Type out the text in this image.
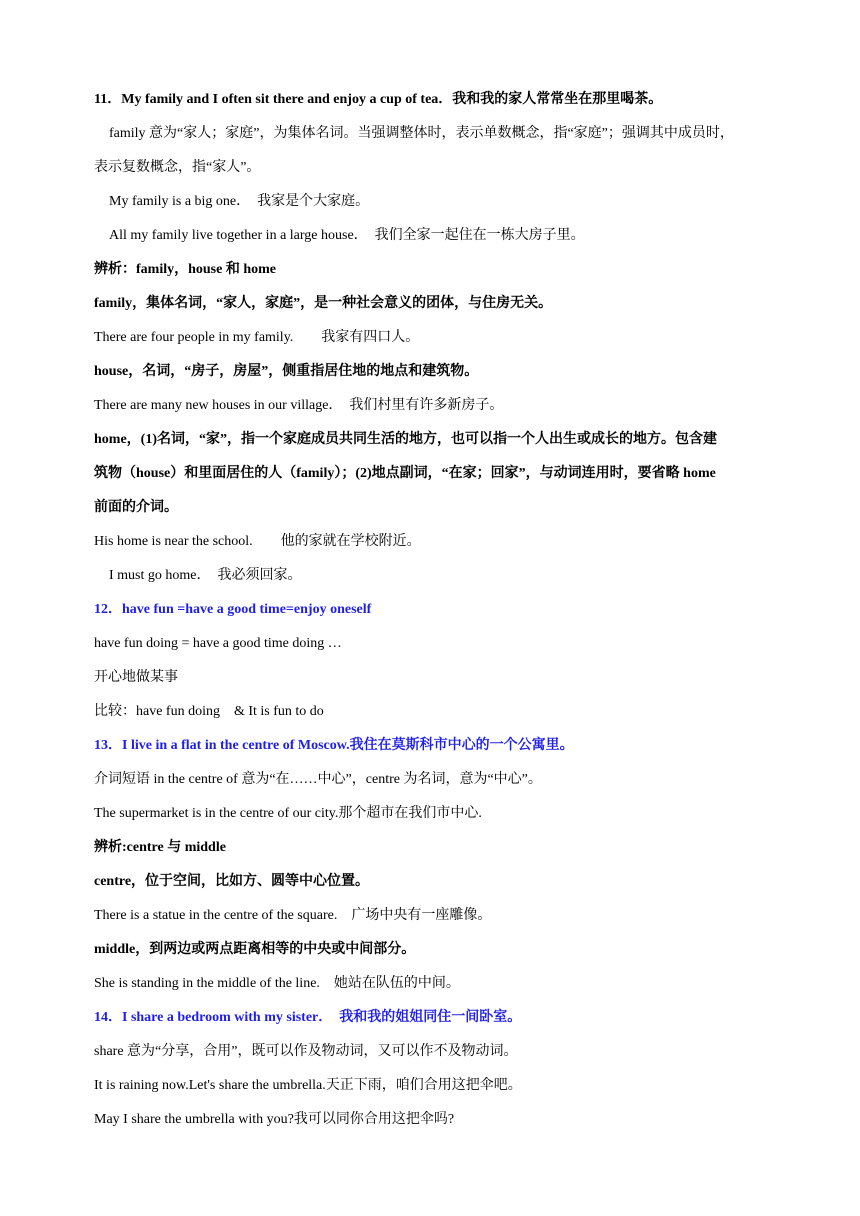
11．My family and I often sit there and enjoy a cup of tea．我和我的家人常常坐在那里喝茶。
family 意为“家人；家庭”，为集体名词。当强调整体时，表示单数概念，指“家庭”；强调其中成员时，
表示复数概念，指“家人”。
My family is a big one．　我家是个大家庭。
All my family live together in a large house．　我们全家一起住在一栋大房子里。
辨析：family，house 和 home
family，集体名词，“家人，家庭”，是一种社会意义的团体，与住房无关。
There are four people in my family.　　我家有四口人。
house，名词，“房子，房屋”，侧重指居住地的地点和建筑物。
There are many new houses in our village．　我们村里有许多新房子。
home，(1)名词，“家”，指一个家庭成员共同生活的地方，也可以指一个人出生或成长的地方。包含建
筑物（house）和里面居住的人（family）；(2)地点副词，“在家；回家”，与动词连用时，要省略 home
前面的介词。
His home is near the school.　　他的家就在学校附近。
I must go home．　我必须回家。
12．have fun =have a good time=enjoy oneself
have fun doing = have a good time doing …
开心地做某事
比较：have fun doing　& It is fun to do
13．I live in a flat in the centre of Moscow.我住在莫斯科市中心的一个公寓里。
介词短语 in the centre of 意为“在……中心”，centre 为名词，意为“中心”。
The supermarket is in the centre of our city.那个超市在我们市中心.
辨析:centre 与 middle
centre，位于空间，比如方、圆等中心位置。
There is a statue in the centre of the square.　广场中央有一座雕像。
middle，到两边或两点距离相等的中央或中间部分。
She is standing in the middle of the line.　她站在队伍的中间。
14．I share a bedroom with my sister．　我和我的姐姐同住一间卧室。
share 意为“分享，合用”，既可以作及物动词，又可以作不及物动词。
It is raining now.Let's share the umbrella.天正下雨，咱们合用这把伞吧。
May I share the umbrella with you?我可以同你合用这把伞吗?
